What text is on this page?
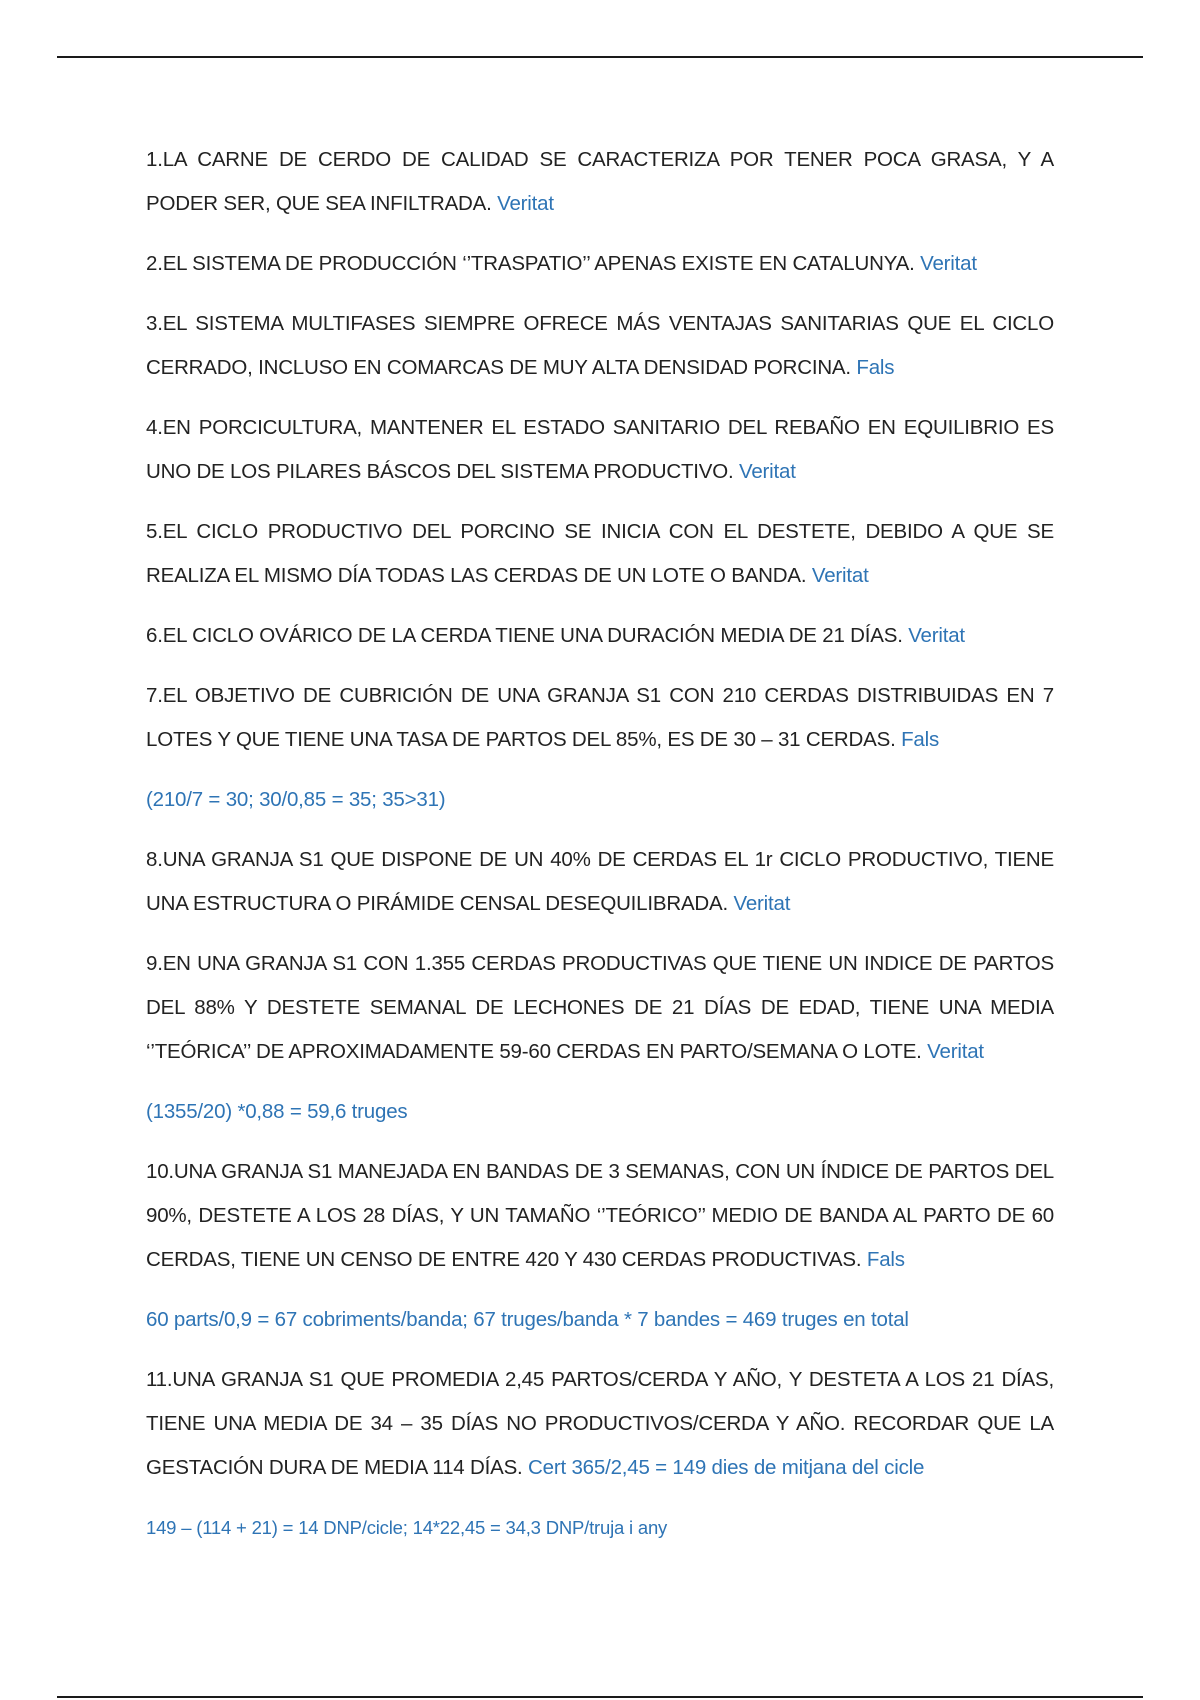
1.LA CARNE DE CERDO DE CALIDAD SE CARACTERIZA POR TENER POCA GRASA, Y A PODER SER, QUE SEA INFILTRADA. Veritat

2.EL SISTEMA DE PRODUCCIÓN ‘’TRASPATIO’’ APENAS EXISTE EN CATALUNYA. Veritat

3.EL SISTEMA MULTIFASES SIEMPRE OFRECE MÁS VENTAJAS SANITARIAS QUE EL CICLO CERRADO, INCLUSO EN COMARCAS DE MUY ALTA DENSIDAD PORCINA. Fals

4.EN PORCICULTURA, MANTENER EL ESTADO SANITARIO DEL REBAÑO EN EQUILIBRIO ES UNO DE LOS PILARES BÁSCOS DEL SISTEMA PRODUCTIVO. Veritat

5.EL CICLO PRODUCTIVO DEL PORCINO SE INICIA CON EL DESTETE, DEBIDO A QUE SE REALIZA EL MISMO DÍA TODAS LAS CERDAS DE UN LOTE O BANDA. Veritat

6.EL CICLO OVÁRICO DE LA CERDA TIENE UNA DURACIÓN MEDIA DE 21 DÍAS. Veritat

7.EL OBJETIVO DE CUBRICIÓN DE UNA GRANJA S1 CON 210 CERDAS DISTRIBUIDAS EN 7 LOTES Y QUE TIENE UNA TASA DE PARTOS DEL 85%, ES DE 30 – 31 CERDAS. Fals

(210/7 = 30; 30/0,85 = 35; 35>31)

8.UNA GRANJA S1 QUE DISPONE DE UN 40% DE CERDAS EL 1r CICLO PRODUCTIVO, TIENE UNA ESTRUCTURA O PIRÁMIDE CENSAL DESEQUILIBRADA. Veritat

9.EN UNA GRANJA S1 CON 1.355 CERDAS PRODUCTIVAS QUE TIENE UN INDICE DE PARTOS DEL 88% Y DESTETE SEMANAL DE LECHONES DE 21 DÍAS DE EDAD, TIENE UNA MEDIA ‘’TEÓRICA’’ DE APROXIMADAMENTE 59-60 CERDAS EN PARTO/SEMANA O LOTE. Veritat

(1355/20) *0,88 = 59,6 truges

10.UNA GRANJA S1 MANEJADA EN BANDAS DE 3 SEMANAS, CON UN ÍNDICE DE PARTOS DEL 90%, DESTETE A LOS 28 DÍAS, Y UN TAMAÑO ‘’TEÓRICO’’ MEDIO DE BANDA AL PARTO DE 60 CERDAS, TIENE UN CENSO DE ENTRE 420 Y 430 CERDAS PRODUCTIVAS. Fals

60 parts/0,9 = 67 cobriments/banda; 67 truges/banda * 7 bandes = 469 truges en total

11.UNA GRANJA S1 QUE PROMEDIA 2,45 PARTOS/CERDA Y AÑO, Y DESTETA A LOS 21 DÍAS, TIENE UNA MEDIA DE 34 – 35 DÍAS NO PRODUCTIVOS/CERDA Y AÑO. RECORDAR QUE LA GESTACIÓN DURA DE MEDIA 114 DÍAS. Cert 365/2,45 = 149 dies de mitjana del cicle

149 – (114 + 21) = 14 DNP/cicle; 14*22,45 = 34,3 DNP/truja i any
